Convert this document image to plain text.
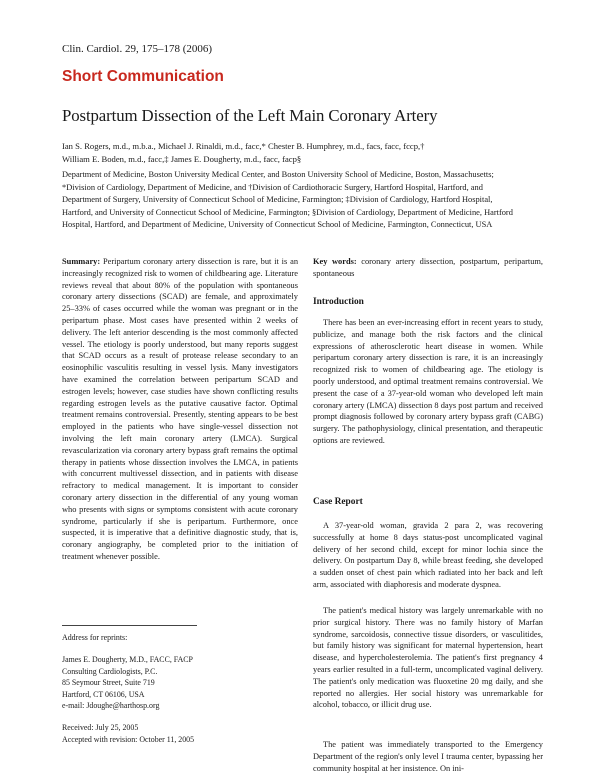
Clin. Cardiol. 29, 175–178 (2006)
Short Communication
Postpartum Dissection of the Left Main Coronary Artery
Ian S. Rogers, m.d., m.b.a., Michael J. Rinaldi, m.d., facc,* Chester B. Humphrey, m.d., facs, facc, fccp,†
William E. Boden, m.d., facc,‡ James E. Dougherty, m.d., facc, facp§
Department of Medicine, Boston University Medical Center, and Boston University School of Medicine, Boston, Massachusetts;
*Division of Cardiology, Department of Medicine, and †Division of Cardiothoracic Surgery, Hartford Hospital, Hartford, and
Department of Surgery, University of Connecticut School of Medicine, Farmington; ‡Division of Cardiology, Hartford Hospital,
Hartford, and University of Connecticut School of Medicine, Farmington; §Division of Cardiology, Department of Medicine, Hartford
Hospital, Hartford, and Department of Medicine, University of Connecticut School of Medicine, Farmington, Connecticut, USA
Summary: Peripartum coronary artery dissection is rare, but it is an increasingly recognized risk to women of childbearing age. Literature reviews reveal that about 80% of the population with spontaneous coronary artery dissections (SCAD) are female, and approximately 25–33% of cases occurred while the woman was pregnant or in the peripartum phase. Most cases have presented within 2 weeks of delivery. The left anterior descending is the most commonly affected vessel. The etiology is poorly understood, but many reports suggest that SCAD occurs as a result of protease release secondary to an eosinophilic vasculitis resulting in vessel lysis. Many investigators have examined the correlation between peripartum SCAD and estrogen levels; however, case studies have shown conflicting results regarding estrogen levels as the putative causative factor. Optimal treatment remains controversial. Presently, stenting appears to be best employed in the patients who have single-vessel dissection not involving the left main coronary artery (LMCA). Surgical revascularization via coronary artery bypass graft remains the optimal therapy in patients whose dissection involves the LMCA, in patients with concurrent multivessel dissection, and in patients with disease refractory to medical management. It is important to consider coronary artery dissection in the differential of any young woman who presents with signs or symptoms consistent with acute coronary syndrome, particularly if she is peripartum. Furthermore, once suspected, it is imperative that a definitive diagnostic study, that is, coronary angiography, be completed prior to the initiation of treatment whenever possible.
Address for reprints:
James E. Dougherty, M.D., FACC, FACP
Consulting Cardiologists, P.C.
85 Seymour Street, Suite 719
Hartford, CT 06106, USA
e-mail: Jdoughe@harthosp.org
Received: July 25, 2005
Accepted with revision: October 11, 2005
Key words: coronary artery dissection, postpartum, peripartum, spontaneous
Introduction
There has been an ever-increasing effort in recent years to study, publicize, and manage both the risk factors and the clinical expressions of atherosclerotic heart disease in women. While peripartum coronary artery dissection is rare, it is an increasingly recognized risk to women of childbearing age. The etiology is poorly understood, and optimal treatment remains controversial. We present the case of a 37-year-old woman who developed left main coronary artery (LMCA) dissection 8 days post partum and received prompt diagnosis followed by coronary artery bypass graft (CABG) surgery. The pathophysiology, clinical presentation, and therapeutic options are reviewed.
Case Report
A 37-year-old woman, gravida 2 para 2, was recovering successfully at home 8 days status-post uncomplicated vaginal delivery of her second child, except for minor lochia since the delivery. On postpartum Day 8, while breast feeding, she developed a sudden onset of chest pain which radiated into her back and left arm, associated with diaphoresis and moderate dyspnea.
The patient's medical history was largely unremarkable with no prior surgical history. There was no family history of Marfan syndrome, sarcoidosis, connective tissue disorders, or vasculitides, but family history was significant for maternal hypertension, heart disease, and hypercholesterolemia. The patient's first pregnancy 4 years earlier resulted in a full-term, uncomplicated vaginal delivery. The patient's only medication was fluoxetine 20 mg daily, and she reported no allergies. Her social history was unremarkable for alcohol, tobacco, or illicit drug use.
The patient was immediately transported to the Emergency Department of the region's only level I trauma center, bypassing her community hospital at her insistence. On ini-
